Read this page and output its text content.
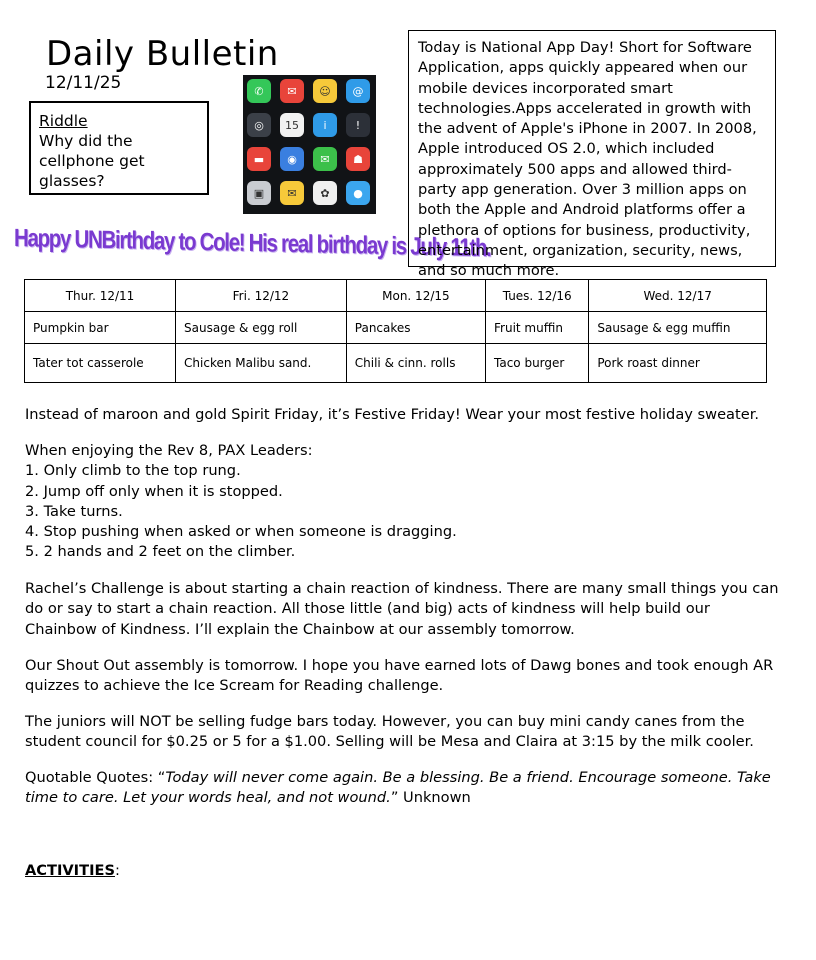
Daily Bulletin
12/11/25
Riddle
Why did the cellphone get glasses?
✆	✉	☺	@
◎	15	i	!
▬	◉	✉	☗
▣	✉	✿	●
Happy UNBirthday to Cole! His real birthday is July 11th.
Today is National App Day! Short for Software Application, apps quickly appeared when our mobile devices incorporated smart technologies.Apps accelerated in growth with the advent of Apple's iPhone in 2007. In 2008, Apple introduced OS 2.0, which included approximately 500 apps and allowed third-party app generation. Over 3 million apps on both the Apple and Android platforms offer a plethora of options for business, productivity, entertainment, organization, security, news, and so much more.
Thur. 12/11	Fri. 12/12	Mon. 12/15	Tues. 12/16	Wed. 12/17
Pumpkin bar	Sausage & egg roll	Pancakes	Fruit muffin	Sausage & egg muffin
Tater tot casserole	Chicken Malibu sand.	Chili & cinn. rolls	Taco burger	Pork roast dinner

Instead of maroon and gold Spirit Friday, it’s Festive Friday! Wear your most festive holiday sweater.

When enjoying the Rev 8, PAX Leaders:

1. Only climb to the top rung.

2. Jump off only when it is stopped.

3. Take turns.

4. Stop pushing when asked or when someone is dragging.

5. 2 hands and 2 feet on the climber.

Rachel’s Challenge is about starting a chain reaction of kindness. There are many small things you can do or say to start a chain reaction. All those little (and big) acts of kindness will help build our Chainbow of Kindness. I’ll explain the Chainbow at our assembly tomorrow.

Our Shout Out assembly is tomorrow. I hope you have earned lots of Dawg bones and took enough AR quizzes to achieve the Ice Scream for Reading challenge.

The juniors will NOT be selling fudge bars today. However, you can buy mini candy canes from the student council for $0.25 or 5 for a $1.00. Selling will be Mesa and Claira at 3:15 by the milk cooler.

Quotable Quotes: “Today will never come again. Be a blessing. Be a friend. Encourage someone. Take time to care. Let your words heal, and not wound.” Unknown

ACTIVITIES:
